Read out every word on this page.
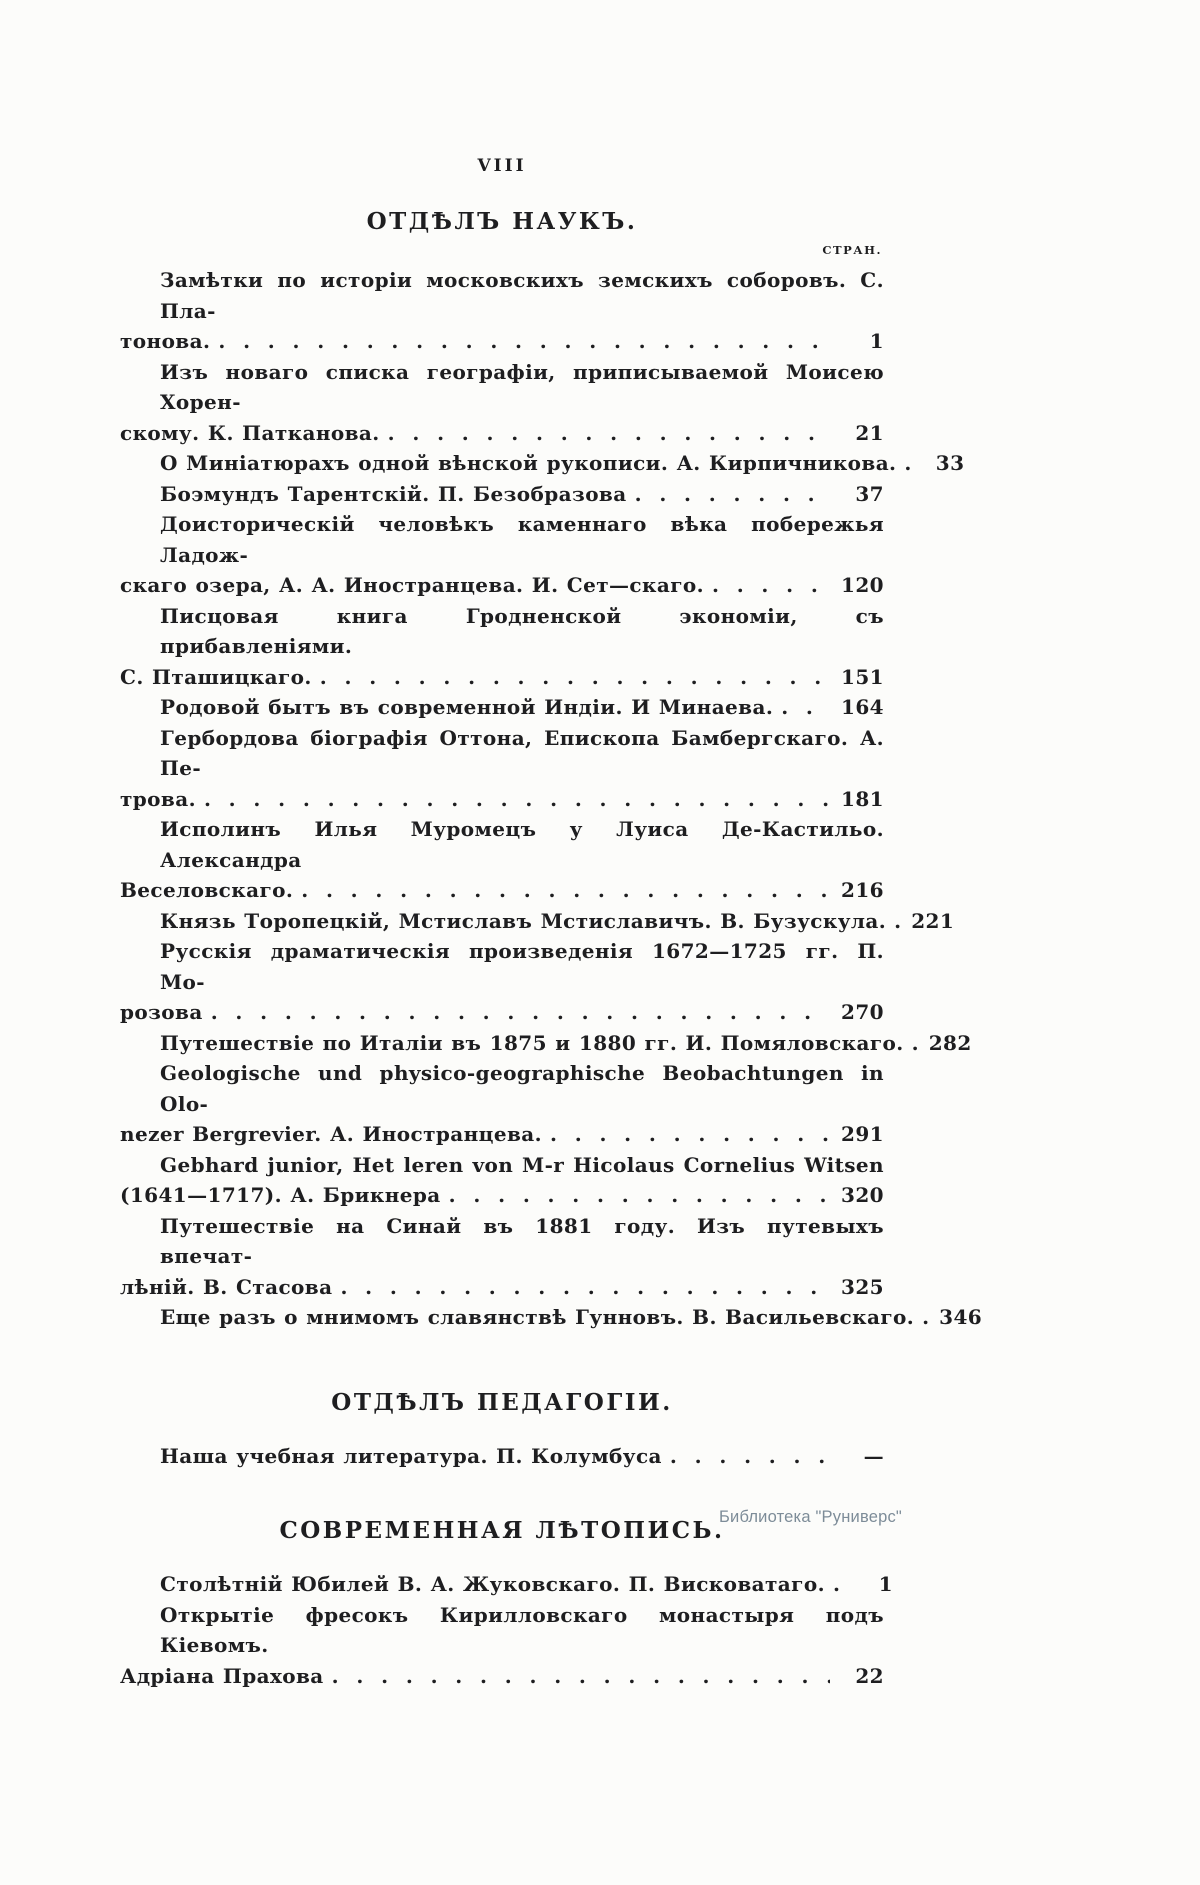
VIII
ОТДѢЛЪ НАУКЪ.
СТРАН.
Замѣтки по исторіи московскихъ земскихъ соборовъ. С. Пла-
тонова. . . .	1
Изъ новаго списка географіи, приписываемой Моисею Хорен-
скому. К. Патканова. . . .	21
О Миніатюрахъ одной вѣнской рукописи. А. Кирпичникова. . . .	33
Боэмундъ Тарентскій. П. Безобразова . . .	37
Доисторическій человѣкъ каменнаго вѣка побережья Ладож-
скаго озера, А. А. Иностранцева. И. Сет—скаго. . . .	120
Писцовая книга Гродненской экономіи, съ прибавленіями.
С. Пташицкаго. . . .	151
Родовой бытъ въ современной Индіи. И Минаева. . . .	164
Гербордова біографія Оттона, Епископа Бамбергскаго. А. Пе-
трова. . . .	181
Исполинъ Илья Муромецъ у Луиса Де-Кастильо. Александра
Веселовскаго. . . .	216
Князь Торопецкій, Мстиславъ Мстиславичъ. В. Бузускула. . . . 221
Русскія драматическія произведенія 1672—1725 гг. П. Мо-
розова . . .	270
Путешествіе по Италіи въ 1875 и 1880 гг. И. Помяловскаго. . . . 282
Geologische und physico-geographische Beobachtungen in Olo-
nezer Bergrevier. А. Иностранцева. . . .	291
Gebhard junior, Het leren von M-r Hicolaus Cornelius Witsen
(1641—1717). А. Брикнера . . .	320
Путешествіе на Синай въ 1881 году. Изъ путевыхъ впечат-
лѣній. В. Стасова . . .	325
Еще разъ о мнимомъ славянствѣ Гунновъ. В. Васильевскаго. . . . 346
ОТДѢЛЪ ПЕДАГОГІИ.
Наша учебная литература. П. Колумбуса . . .	—
СОВРЕМЕННАЯ ЛѢТОПИСЬ.
Столѣтній Юбилей В. А. Жуковскаго. П. Висковатаго. . . .	1
Открытіе фресокъ Кирилловскаго монастыря подъ Кіевомъ.
Адріана Прахова . . .	22
Библиотека "Руниверс"
